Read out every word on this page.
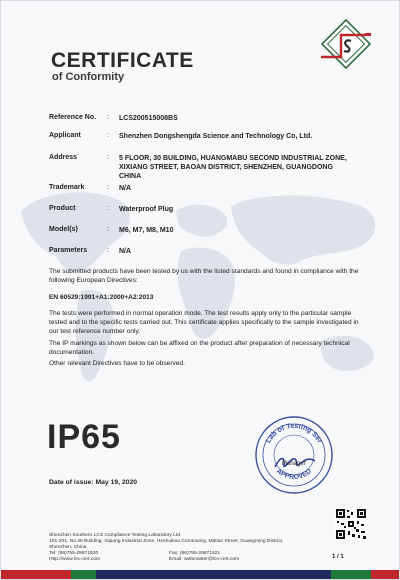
CERTIFICATE
of Conformity
Reference No.	:	LCS200515008BS
Applicant	:	Shenzhen Dongshengda Science and Technology Co, Ltd.
Address	:	5 FLOOR, 30 BUILDING, HUANGMABU SECOND INDUSTRIAL ZONE, XIXIANG STREET, BAOAN DISTRICT, SHENZHEN, GUANGDONG CHINA
Trademark	:	N/A
Product	:	Waterproof Plug
Model(s)	:	M6, M7, M8, M10
Parameters	:	N/A
The submitted products have been tested by us with the listed standards and found in compliance with the following European Directives:
EN 60529:1991+A1:2000+A2:2013
The tests were performed in normal operation mode. The test results apply only to the particular sample tested and to the specific tests carried out. This certificate applies specifically to the sample investigated in our test reference number only.
The IP markings as shown below can be affixed on the product after preparation of necessary technical documentation.
Other relevant Directives have to be observed.
IP65
Date of issue: May 19, 2020
Lab of Testing Ser
APPROVED
Manager
Shenzhen Southern LCS Compliance Testing Laboratory Ltd.
101-201, No.36 Building, Xiqiang Industrial Zone, Heshuikou Community, Matian Street, Guangming District,
Shenzhen, China
Tel: (86)755-29871520	Fax: (86)755-29871521
Http://www.lcs-cert.com	Email: webmaster@lcs-cert.com	1 / 1
